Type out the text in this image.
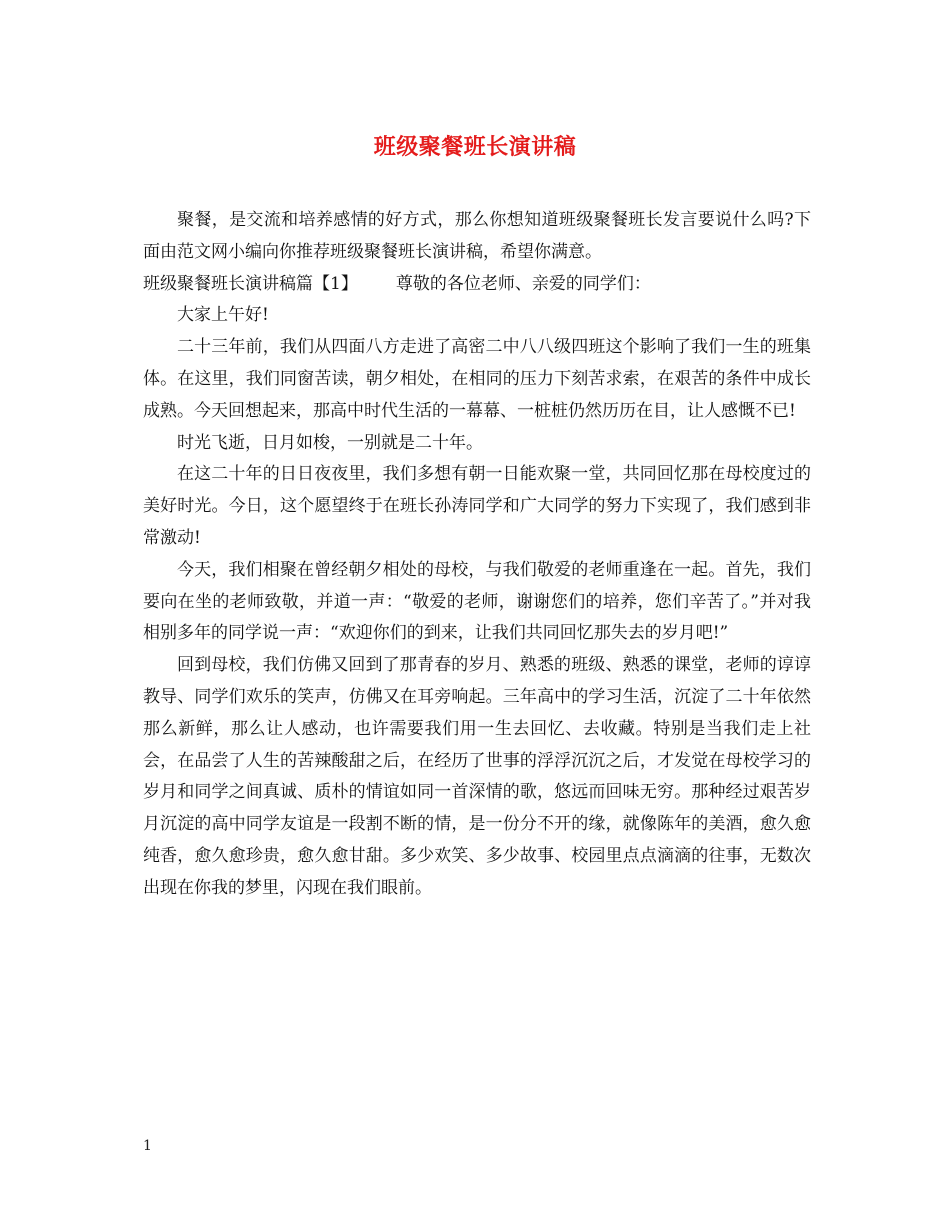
班级聚餐班长演讲稿

聚餐，是交流和培养感情的好方式，那么你想知道班级聚餐班长发言要说什么吗?下面由范文网小编向你推荐班级聚餐班长演讲稿，希望你满意。

班级聚餐班长演讲稿篇【1】 尊敬的各位老师、亲爱的同学们：

大家上午好!

二十三年前，我们从四面八方走进了高密二中八八级四班这个影响了我们一生的班集体。在这里，我们同窗苦读，朝夕相处，在相同的压力下刻苦求索，在艰苦的条件中成长成熟。今天回想起来，那高中时代生活的一幕幕、一桩桩仍然历历在目，让人感慨不已!

时光飞逝，日月如梭，一别就是二十年。

在这二十年的日日夜夜里，我们多想有朝一日能欢聚一堂，共同回忆那在母校度过的美好时光。今日，这个愿望终于在班长孙涛同学和广大同学的努力下实现了，我们感到非常激动!

今天，我们相聚在曾经朝夕相处的母校，与我们敬爱的老师重逢在一起。首先，我们要向在坐的老师致敬，并道一声：“敬爱的老师，谢谢您们的培养，您们辛苦了。”并对我相别多年的同学说一声：“欢迎你们的到来，让我们共同回忆那失去的岁月吧!”

回到母校，我们仿佛又回到了那青春的岁月、熟悉的班级、熟悉的课堂，老师的谆谆教导、同学们欢乐的笑声，仿佛又在耳旁响起。三年高中的学习生活，沉淀了二十年依然那么新鲜，那么让人感动，也许需要我们用一生去回忆、去收藏。特别是当我们走上社会，在品尝了人生的苦辣酸甜之后，在经历了世事的浮浮沉沉之后，才发觉在母校学习的岁月和同学之间真诚、质朴的情谊如同一首深情的歌，悠远而回味无穷。那种经过艰苦岁月沉淀的高中同学友谊是一段割不断的情，是一份分不开的缘，就像陈年的美酒，愈久愈纯香，愈久愈珍贵，愈久愈甘甜。多少欢笑、多少故事、校园里点点滴滴的往事，无数次出现在你我的梦里，闪现在我们眼前。

1
